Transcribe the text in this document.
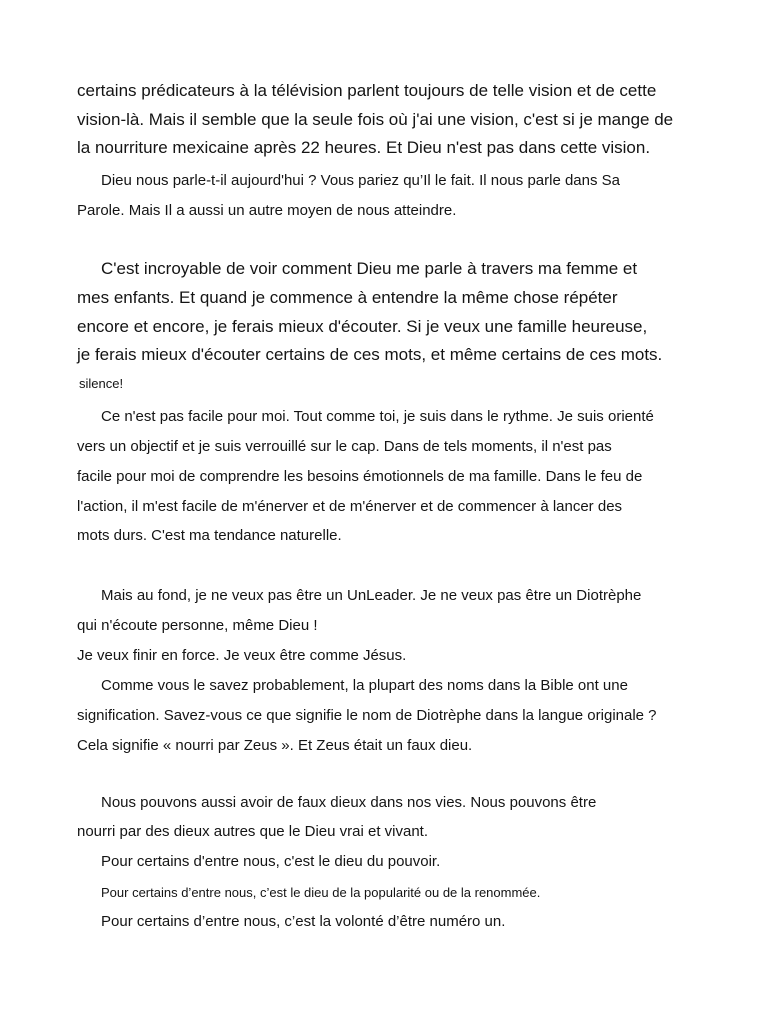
certains prédicateurs à la télévision parlent toujours de telle vision et de cette
vision-là. Mais il semble que la seule fois où j'ai une vision, c'est si je mange de
la nourriture mexicaine après 22 heures. Et Dieu n'est pas dans cette vision.
Dieu nous parle-t-il aujourd'hui ? Vous pariez qu’Il le fait. Il nous parle dans Sa
Parole. Mais Il a aussi un autre moyen de nous atteindre.
C'est incroyable de voir comment Dieu me parle à travers ma femme et
mes enfants. Et quand je commence à entendre la même chose répéter
encore et encore, je ferais mieux d'écouter. Si je veux une famille heureuse,
je ferais mieux d'écouter certains de ces mots, et même certains de ces mots.
silence!
Ce n'est pas facile pour moi. Tout comme toi, je suis dans le rythme. Je suis orienté
vers un objectif et je suis verrouillé sur le cap. Dans de tels moments, il n'est pas
facile pour moi de comprendre les besoins émotionnels de ma famille. Dans le feu de
l'action, il m'est facile de m'énerver et de m'énerver et de commencer à lancer des
mots durs. C'est ma tendance naturelle.
Mais au fond, je ne veux pas être un UnLeader. Je ne veux pas être un Diotrèphe
qui n'écoute personne, même Dieu !
Je veux finir en force. Je veux être comme Jésus.
Comme vous le savez probablement, la plupart des noms dans la Bible ont une
signification. Savez-vous ce que signifie le nom de Diotrèphe dans la langue originale ?
Cela signifie « nourri par Zeus ». Et Zeus était un faux dieu.
Nous pouvons aussi avoir de faux dieux dans nos vies. Nous pouvons être
nourri par des dieux autres que le Dieu vrai et vivant.
Pour certains d'entre nous, c'est le dieu du pouvoir.
Pour certains d’entre nous, c’est le dieu de la popularité ou de la renommée.
Pour certains d’entre nous, c’est la volonté d’être numéro un.
